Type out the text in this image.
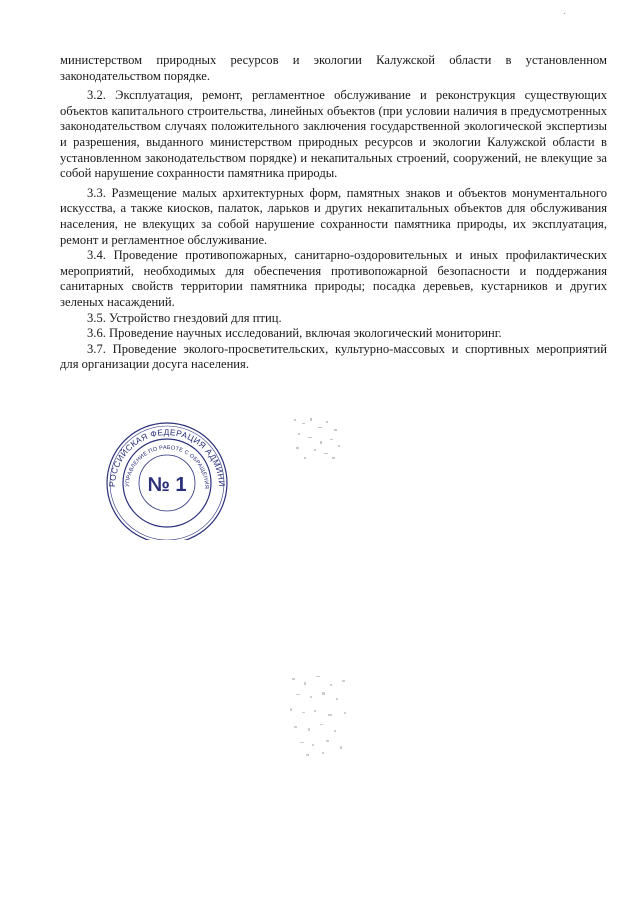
˙

министерством природных ресурсов и экологии Калужской области в установленном законодательством порядке.

3.2. Эксплуатация, ремонт, регламентное обслуживание и реконструкция существующих объектов капитального строительства, линейных объектов (при условии наличия в предусмотренных законодательством случаях положительного заключения государственной экологической экспертизы и разрешения, выданного министерством природных ресурсов и экологии Калужской области в установленном законодательством порядке) и некапитальных строений, сооружений, не влекущие за собой нарушение сохранности памятника природы.

3.3. Размещение малых архитектурных форм, памятных знаков и объектов монументального искусства, а также киосков, палаток, ларьков и других некапитальных объектов для обслуживания населения, не влекущих за собой нарушение сохранности памятника природы, их эксплуатация, ремонт и регламентное обслуживание.

3.4. Проведение противопожарных, санитарно-оздоровительных и иных профилактических мероприятий, необходимых для обеспечения противопожарной безопасности и поддержания санитарных свойств территории памятника природы; посадка деревьев, кустарников и других зеленых насаждений.

3.5. Устройство гнездовий для птиц.

3.6. Проведение научных исследований, включая экологический мониторинг.

3.7. Проведение эколого-просветительских, культурно-массовых и спортивных мероприятий для организации досуга населения.

РОССИЙСКАЯ ФЕДЕРАЦИЯ АДМИНИ
УПРАВЛЕНИЕ ПО РАБОТЕ С ОБРАЩЕНИЯ
№ 1
